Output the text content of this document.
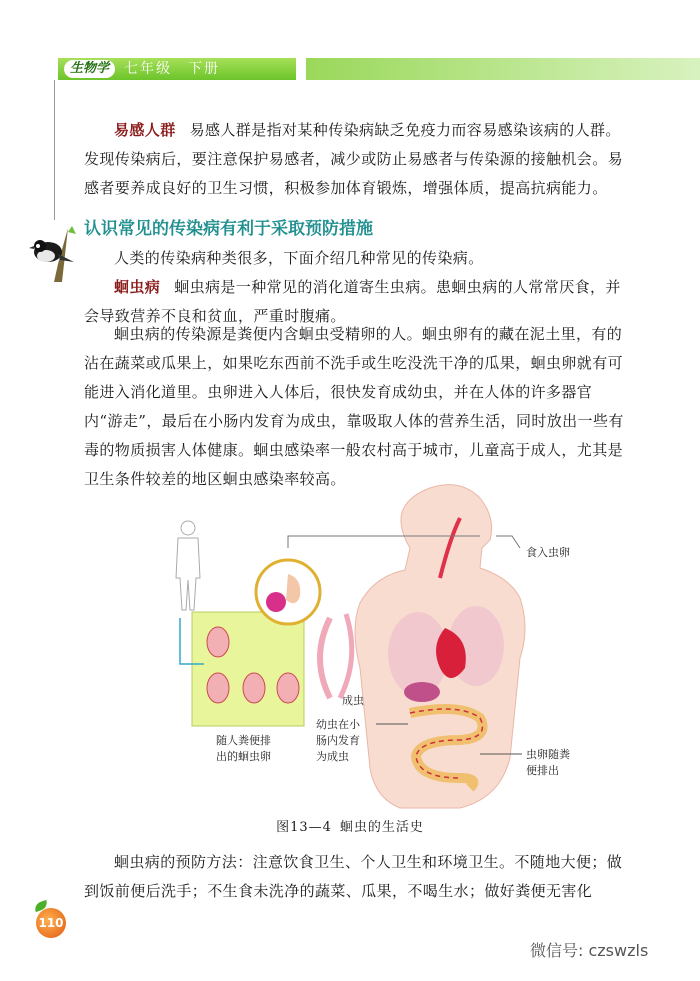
生物学	七年级　下册

易感人群 易感人群是指对某种传染病缺乏免疫力而容易感染该病的人群。发现传染病后，要注意保护易感者，减少或防止易感者与传染源的接触机会。易感者要养成良好的卫生习惯，积极参加体育锻炼，增强体质，提高抗病能力。

认识常见的传染病有利于采取预防措施

人类的传染病种类很多，下面介绍几种常见的传染病。

蛔虫病 蛔虫病是一种常见的消化道寄生虫病。患蛔虫病的人常常厌食，并会导致营养不良和贫血，严重时腹痛。

蛔虫病的传染源是粪便内含蛔虫受精卵的人。蛔虫卵有的藏在泥土里，有的沾在蔬菜或瓜果上，如果吃东西前不洗手或生吃没洗干净的瓜果，蛔虫卵就有可能进入消化道里。虫卵进入人体后，很快发育成幼虫，并在人体的许多器官内“游走”，最后在小肠内发育为成虫，靠吸取人体的营养生活，同时放出一些有毒的物质损害人体健康。蛔虫感染率一般农村高于城市，儿童高于成人，尤其是卫生条件较差的地区蛔虫感染率较高。

食入虫卵
成虫
幼虫在小
肠内发育
为成虫
随人粪便排
出的蛔虫卵	虫卵随粪
便排出
图13—4 蛔虫的生活史

蛔虫病的预防方法：注意饮食卫生、个人卫生和环境卫生。不随地大便；做到饭前便后洗手；不生食未洗净的蔬菜、瓜果，不喝生水；做好粪便无害化

110
微信号: czswzls
